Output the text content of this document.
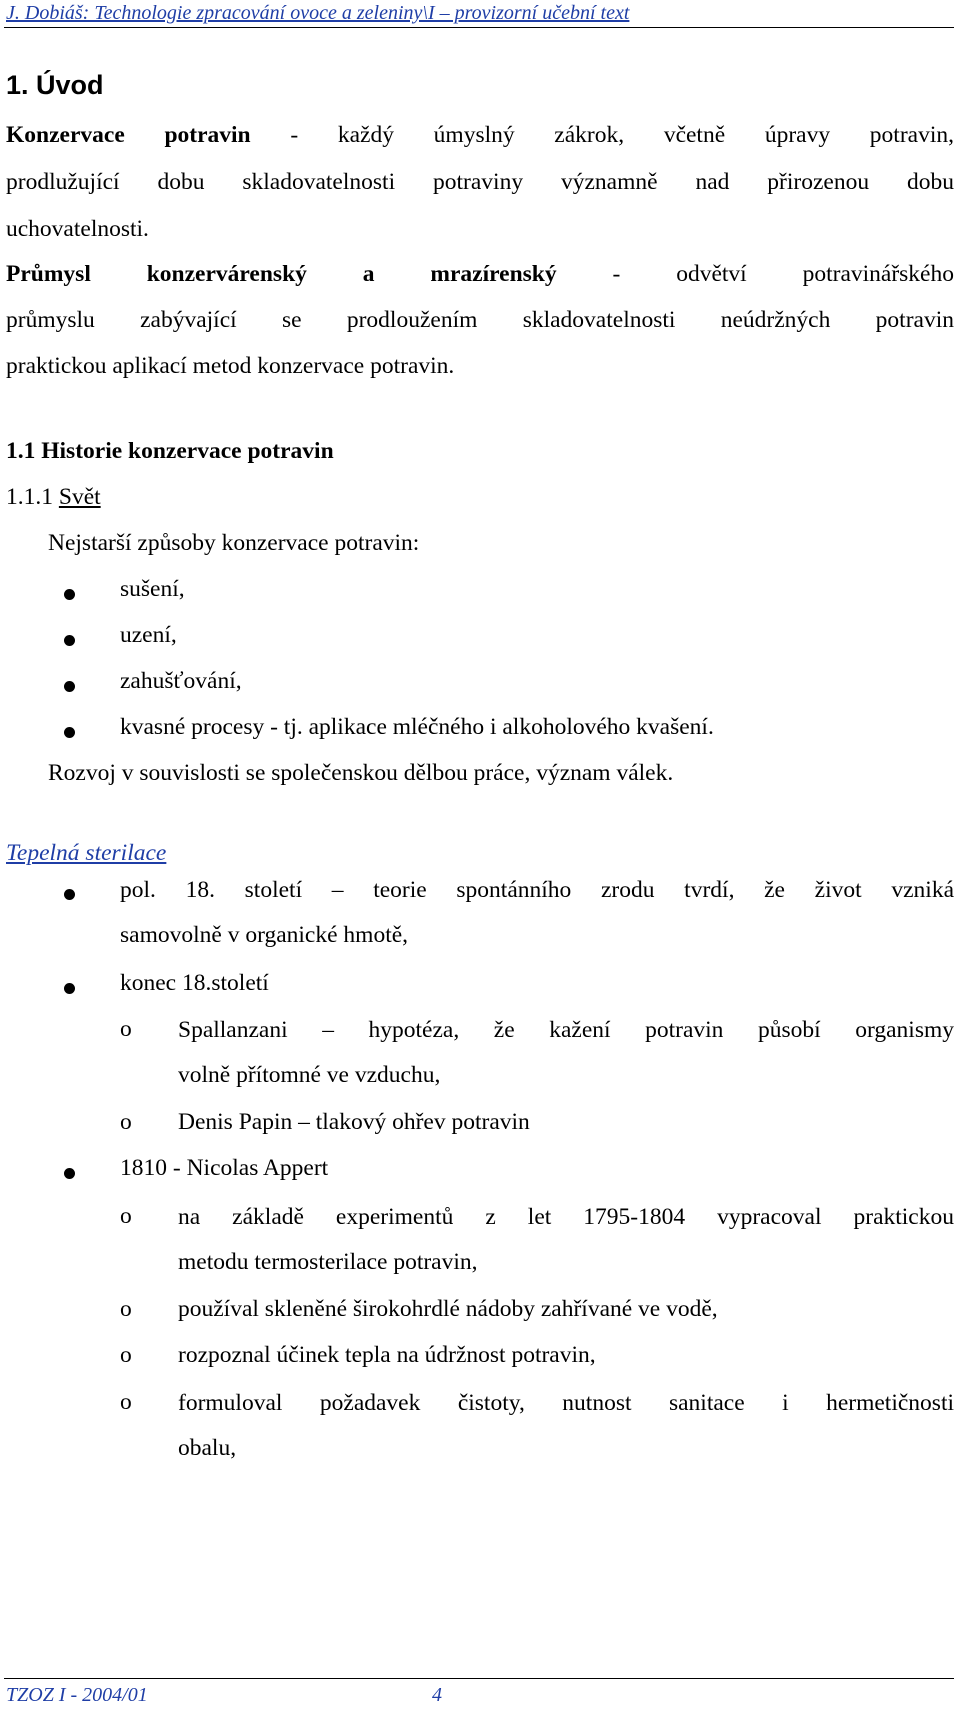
J. Dobiáš: Technologie zpracování ovoce a zeleniny\I – provizorní učební text
1. Úvod
Konzervace potravin - každý úmyslný zákrok, včetně úpravy potravin,
prodlužující dobu skladovatelnosti potraviny významně nad přirozenou dobu
uchovatelnosti.
Průmysl konzervárenský a mrazírenský - odvětví potravinářského
průmyslu zabývající se prodloužením skladovatelnosti neúdržných potravin
praktickou aplikací metod konzervace potravin.
1.1 Historie konzervace potravin
1.1.1 Svět
Nejstarší způsoby konzervace potravin:
sušení,
uzení,
zahušťování,
kvasné procesy - tj. aplikace mléčného i alkoholového kvašení.
Rozvoj v souvislosti se společenskou dělbou práce, význam válek.
Tepelná sterilace
pol. 18. století – teorie spontánního zrodu tvrdí, že život vzniká
samovolně v organické hmotě,
konec 18.století
o Spallanzani – hypotéza, že kažení potravin působí organismy
volně přítomné ve vzduchu,
o Denis Papin – tlakový ohřev potravin
1810 - Nicolas Appert
o na základě experimentů z let 1795-1804 vypracoval praktickou
metodu termosterilace potravin,
o používal skleněné širokohrdlé nádoby zahřívané ve vodě,
o rozpoznal účinek tepla na údržnost potravin,
o formuloval požadavek čistoty, nutnost sanitace i hermetičnosti
obalu,
TZOZ I - 2004/01	4
